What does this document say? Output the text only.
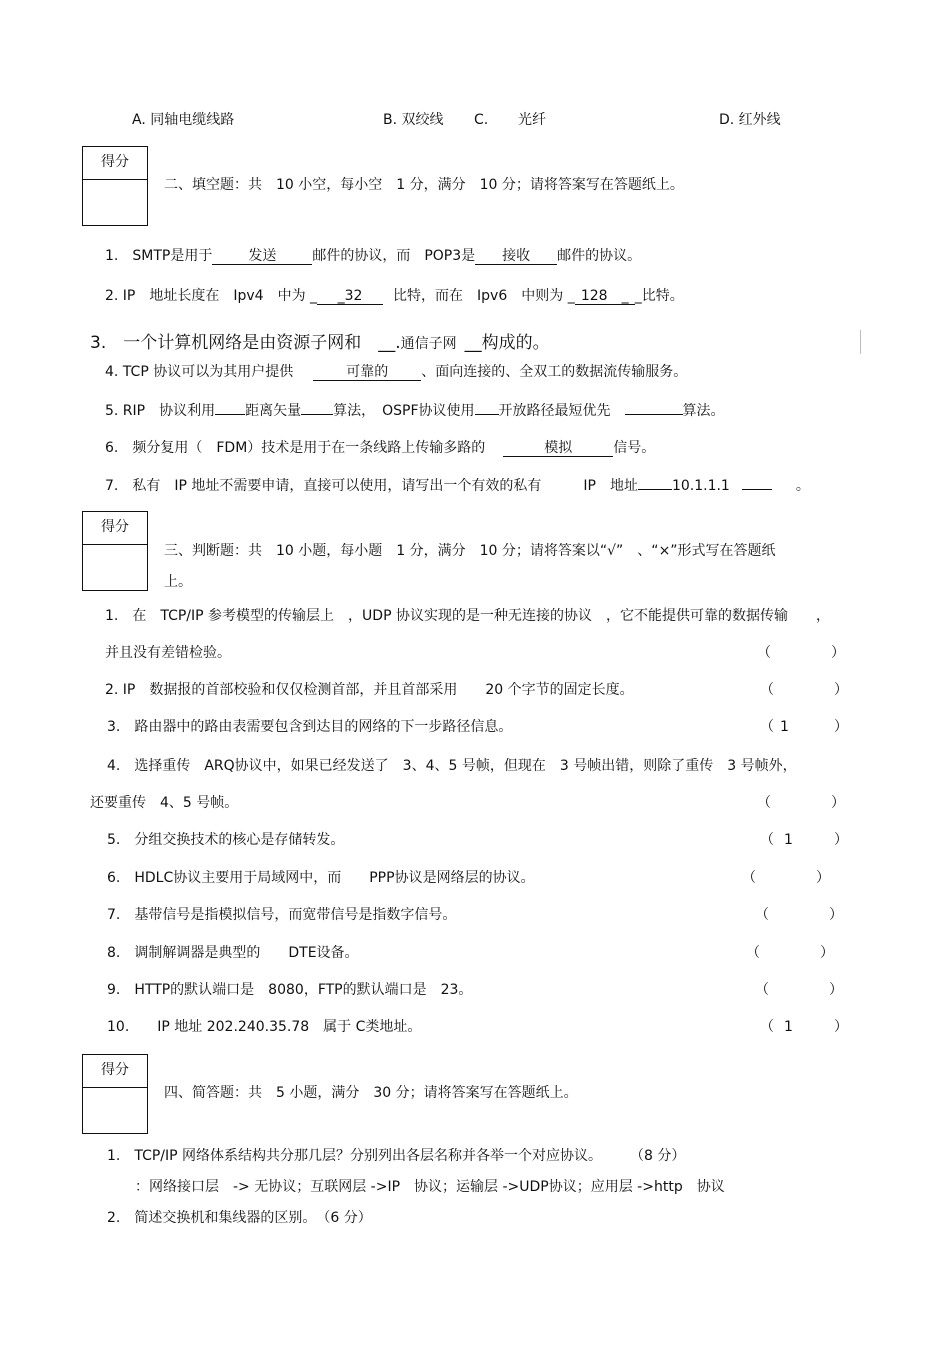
A. 同轴电缆线路	B. 双绞线 C. 光纤	D. 红外线
得分
二、填空题：共　10 小空，每小空　1 分，满分　10 分；请将答案写在答题纸上。
1.　SMTP是用于	发送	邮件的协议，而　POP3是 接收 邮件的协议。
2. IP　地址长度在　Ipv4　中为 _ _32 比特，而在　Ipv6　中则为 _ 128　_ _比特。
3.　一个计算机网络是由资源子网和　__.通信子网 __构成的。
4. TCP 协议可以为其用户提供	可靠的 、面向连接的、全双工的数据流传输服务。
5. RIP　协议利用 距离矢量 算法，　OSPF协议使用 开放路径最短优先	算法。
6.　频分复用（　FDM）技术是用于在一条线路上传输多路的	模拟	信号。
7.　私有　IP 地址不需要申请，直接可以使用，请写出一个有效的私有　　　IP　地址 10.1.1.1	。
得分
三、判断题：共　10 小题，每小题　1 分，满分　10 分；请将答案以“√”　、“×”形式写在答题纸
上。
1.　在　TCP/IP 参考模型的传输层上　，UDP 协议实现的是一种无连接的协议　，它不能提供可靠的数据传输　　，
并且没有差错检验。	（	）
2. IP　数据报的首部校验和仅仅检测首部，并且首部采用　　20 个字节的固定长度。	（	）
3.　路由器中的路由表需要包含到达目的网络的下一步路径信息。	（ 1	）
4.　选择重传　ARQ协议中，如果已经发送了　3、4、5 号帧，但现在　3 号帧出错，则除了重传　3 号帧外，
还要重传　4、5 号帧。	（	）
5.　分组交换技术的核心是存储转发。	（ 1	）
6.　HDLC协议主要用于局域网中，而　　PPP协议是网络层的协议。	（	）
7.　基带信号是指模拟信号，而宽带信号是指数字信号。	（	）
8.　调制解调器是典型的　　DTE设备。	（	）
9.　HTTP的默认端口是　8080，FTP的默认端口是　23。	（	）
10.　　IP 地址 202.240.35.78　属于 C类地址。	（ 1	）
得分
四、简答题：共　5 小题，满分　30 分；请将答案写在答题纸上。
1.　TCP/IP 网络体系结构共分那几层？分别列出各层名称并各举一个对应协议。　　　（8 分）
：网络接口层　-> 无协议；互联网层 ->IP　协议；运输层 ->UDP协议；应用层 ->http　协议
2.　简述交换机和集线器的区别。　（6 分）
